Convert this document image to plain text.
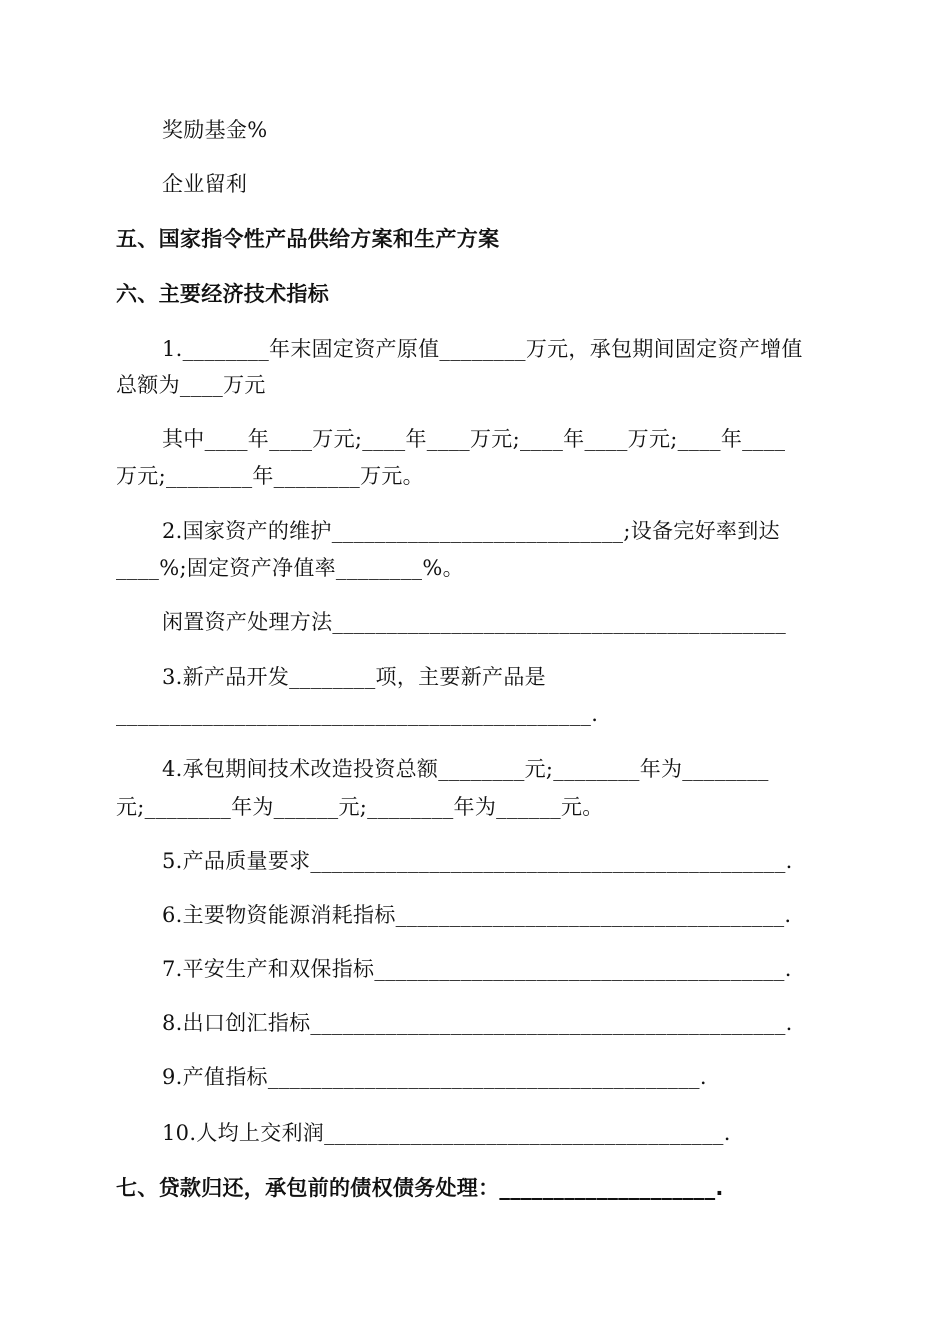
奖励基金%
企业留利
五、国家指令性产品供给方案和生产方案
六、主要经济技术指标
1.________年末固定资产原值________万元，承包期间固定资产增值
总额为____万元
其中____年____万元;____年____万元;____年____万元;____年____
万元;________年________万元。
2.国家资产的维护___________________________;设备完好率到达
____%;固定资产净值率________%。
闲置资产处理方法__________________________________________
3.新产品开发________项，主要新产品是
____________________________________________.
4.承包期间技术改造投资总额________元;________年为________
元;________年为______元;________年为______元。
5.产品质量要求____________________________________________.
6.主要物资能源消耗指标____________________________________.
7.平安生产和双保指标______________________________________.
8.出口创汇指标____________________________________________.
9.产值指标________________________________________.
10.人均上交利润_____________________________________.
七、贷款归还，承包前的债权债务处理：____________________.
